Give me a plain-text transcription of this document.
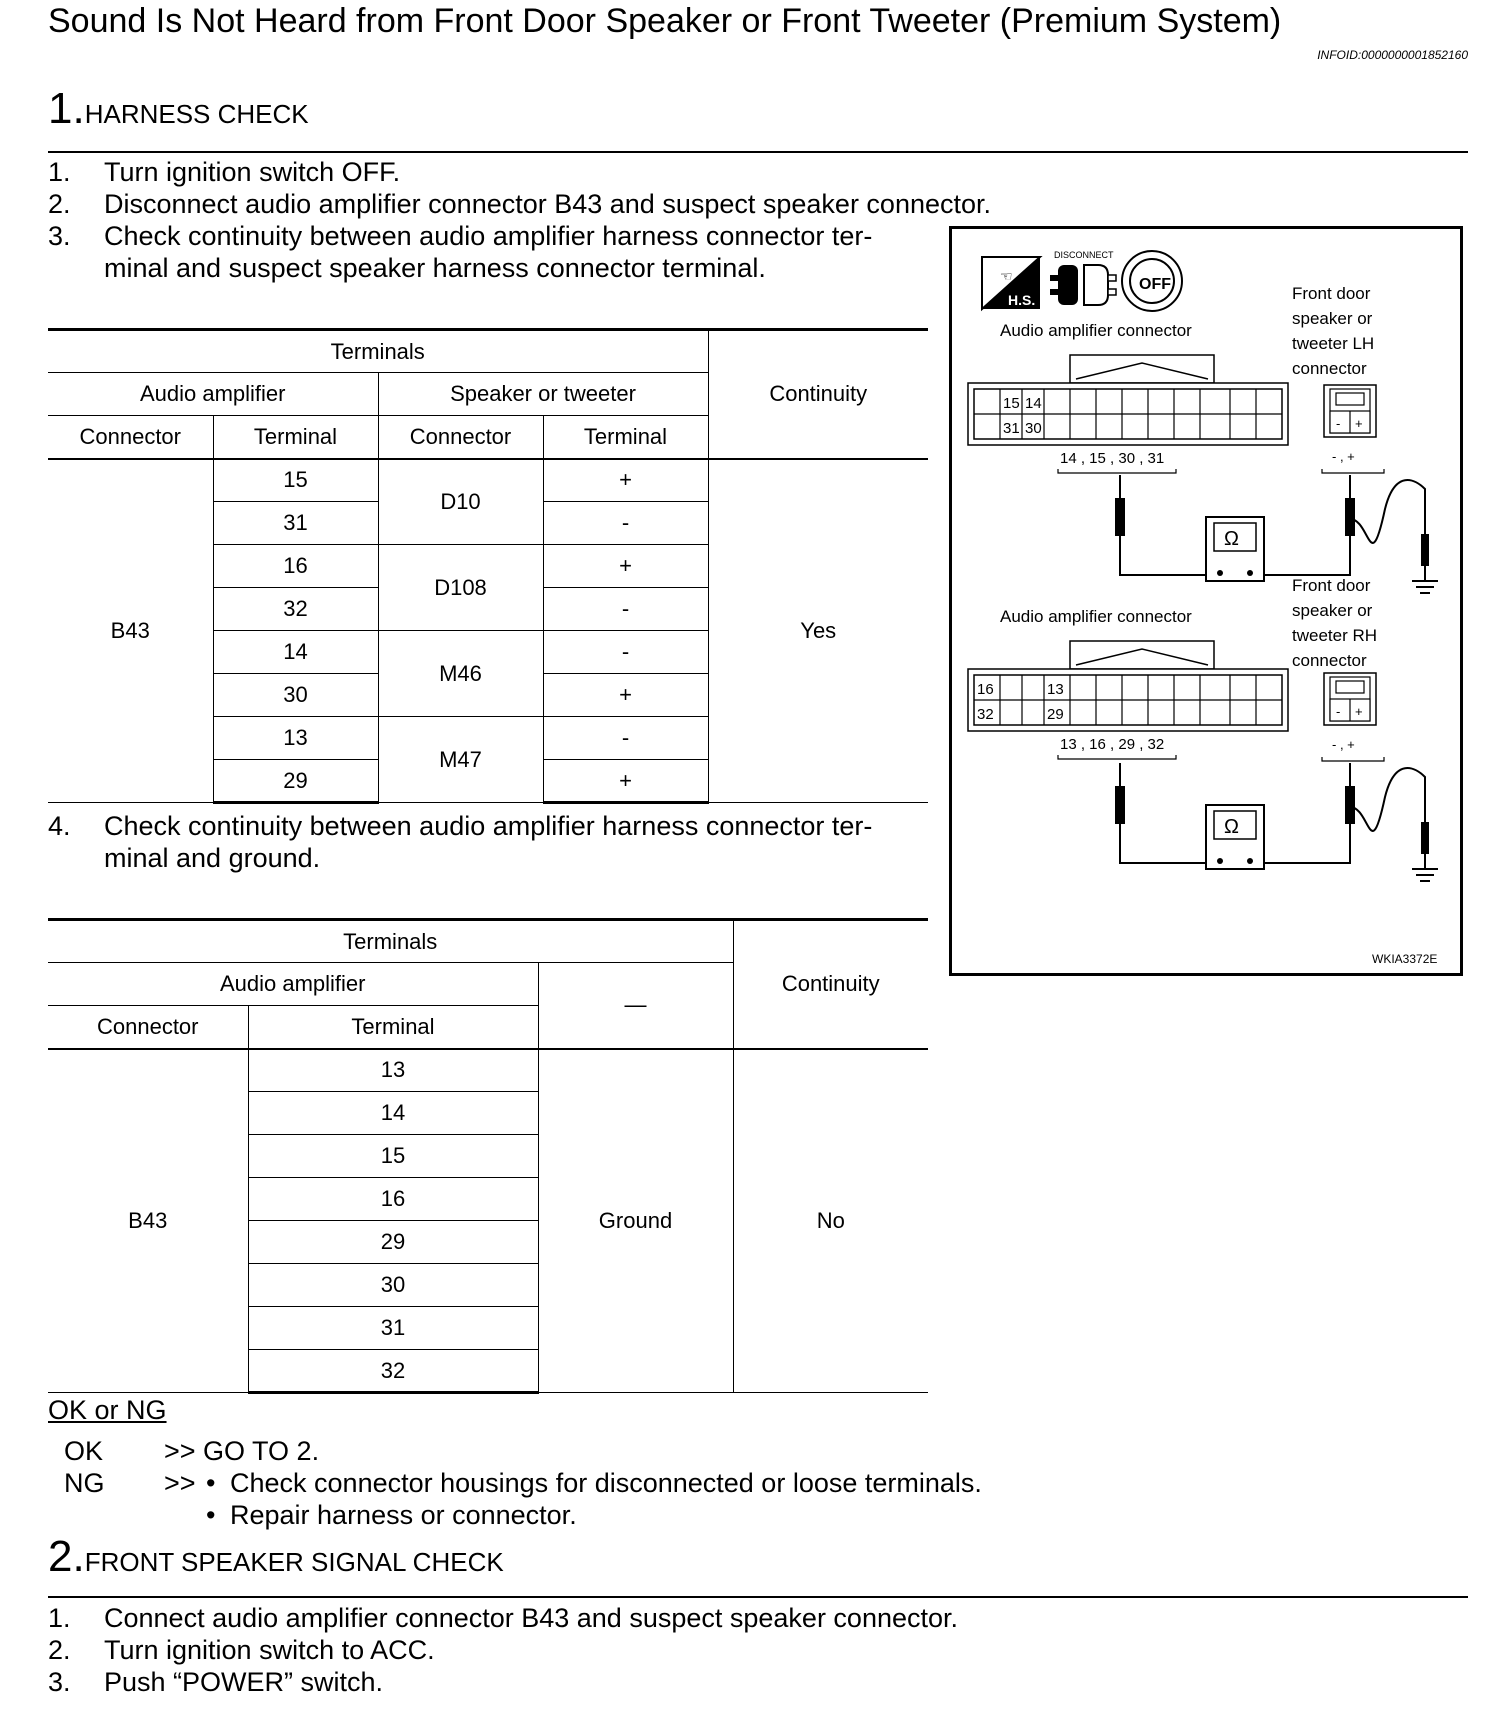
Sound Is Not Heard from Front Door Speaker or Front Tweeter (Premium System)
INFOID:0000000001852160
1.HARNESS CHECK
1.	Turn ignition switch OFF.
2.	Disconnect audio amplifier connector B43 and suspect speaker connector.
3.	Check continuity between audio amplifier harness connector ter-
minal and suspect speaker harness connector terminal.
Terminals				Continuity
Audio amplifier		Speaker or tweeter		
Connector	Terminal	Connector	Terminal	
B43	15	D10	+	Yes
	31		-	
	16	D108	+	
	32		-	
	14	M46	-	
	30		+	
	13	M47	-	
	29		+	
4.	Check continuity between audio amplifier harness connector ter-
minal and ground.
Terminals			Continuity
Audio amplifier		—	
Connector	Terminal		
B43	13	Ground	No
	14		
	15		
	16		
	29		
	30		
	31		
	32		
OK or NG
OK >> GO TO 2.
NG >> • Check connector housings for disconnected or loose terminals.
• Repair harness or connector.
2.FRONT SPEAKER SIGNAL CHECK
1.	Connect audio amplifier connector B43 and suspect speaker connector.
2.	Turn ignition switch to ACC.
3.	Push “POWER” switch.
☜
H.S.
DISCONNECT
OFF
Audio amplifier connector
Front door
speaker or
tweeter LH
connector
15 14
31 30
14 , 15 , 30 , 31
- +
- , +
Ω
Audio amplifier connector
Front door
speaker or
tweeter RH
connector
16	13
32	29
13 , 16 , 29 , 32
- +
- , +
Ω
WKIA3372E
